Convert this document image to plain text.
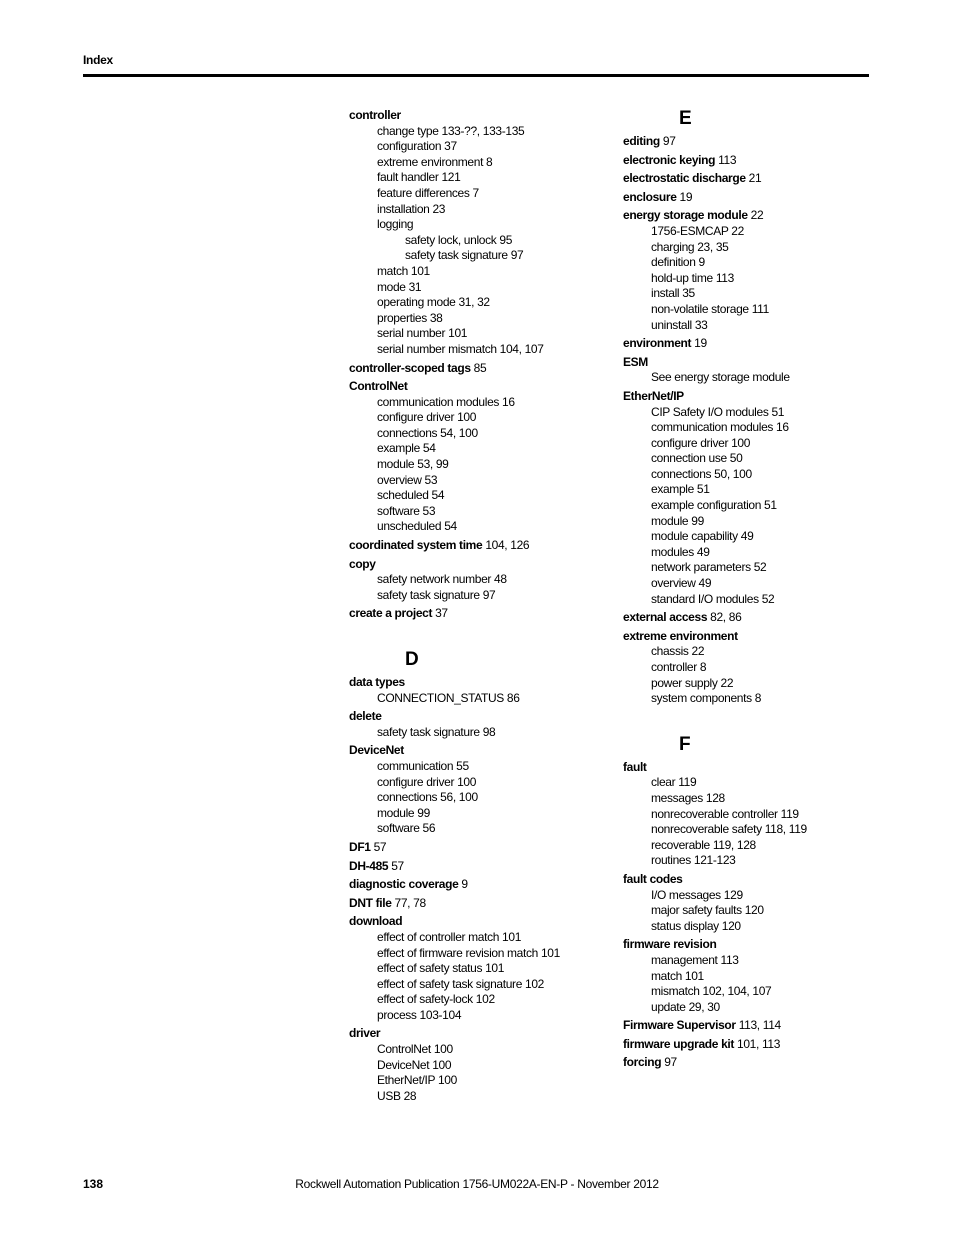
Index
controller
change type 133-??, 133-135
configuration 37
extreme environment 8
fault handler 121
feature differences 7
installation 23
logging
safety lock, unlock 95
safety task signature 97
match 101
mode 31
operating mode 31, 32
properties 38
serial number 101
serial number mismatch 104, 107
controller-scoped tags 85
ControlNet
communication modules 16
configure driver 100
connections 54, 100
example 54
module 53, 99
overview 53
scheduled 54
software 53
unscheduled 54
coordinated system time 104, 126
copy
safety network number 48
safety task signature 97
create a project 37
D
data types
CONNECTION_STATUS 86
delete
safety task signature 98
DeviceNet
communication 55
configure driver 100
connections 56, 100
module 99
software 56
DF1 57
DH-485 57
diagnostic coverage 9
DNT file 77, 78
download
effect of controller match 101
effect of firmware revision match 101
effect of safety status 101
effect of safety task signature 102
effect of safety-lock 102
process 103-104
driver
ControlNet 100
DeviceNet 100
EtherNet/IP 100
USB 28
E
editing 97
electronic keying 113
electrostatic discharge 21
enclosure 19
energy storage module 22
1756-ESMCAP 22
charging 23, 35
definition 9
hold-up time 113
install 35
non-volatile storage 111
uninstall 33
environment 19
ESM
See energy storage module
EtherNet/IP
CIP Safety I/O modules 51
communication modules 16
configure driver 100
connection use 50
connections 50, 100
example 51
example configuration 51
module 99
module capability 49
modules 49
network parameters 52
overview 49
standard I/O modules 52
external access 82, 86
extreme environment
chassis 22
controller 8
power supply 22
system components 8
F
fault
clear 119
messages 128
nonrecoverable controller 119
nonrecoverable safety 118, 119
recoverable 119, 128
routines 121-123
fault codes
I/O messages 129
major safety faults 120
status display 120
firmware revision
management 113
match 101
mismatch 102, 104, 107
update 29, 30
Firmware Supervisor 113, 114
firmware upgrade kit 101, 113
forcing 97
138	Rockwell Automation Publication 1756-UM022A-EN-P - November 2012
